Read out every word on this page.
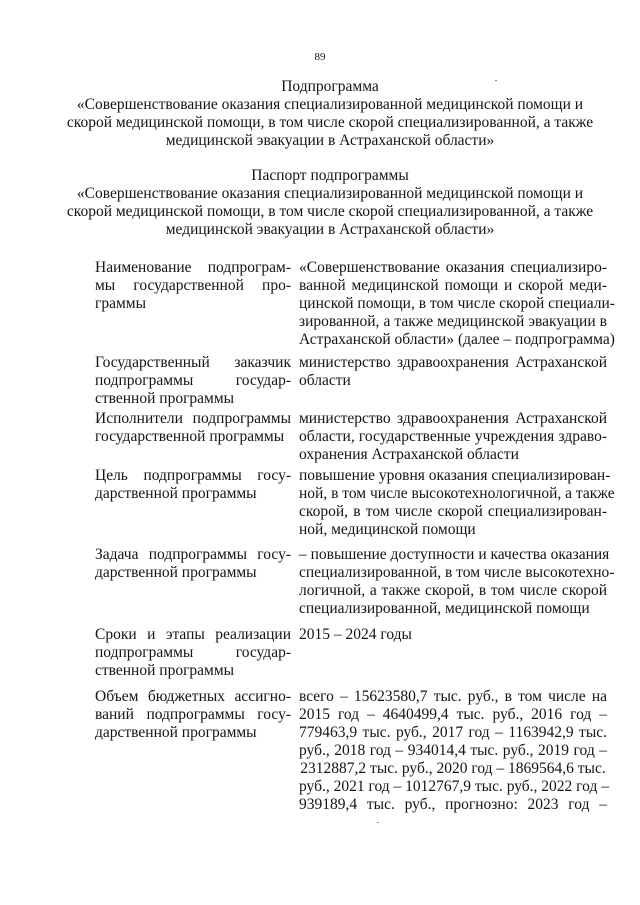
89
Подпрограмма
«Совершенствование оказания специализированной медицинской помощи и
скорой медицинской помощи, в том числе скорой специализированной, а также
медицинской эвакуации в Астраханской области»
Паспорт подпрограммы
«Совершенствование оказания специализированной медицинской помощи и
скорой медицинской помощи, в том числе скорой специализированной, а также
медицинской эвакуации в Астраханской области»
Наименование подпрограм-
мы государственной про-
граммы
«Совершенствование оказания специализиро-
ванной медицинской помощи и скорой меди-
цинской помощи, в том числе скорой специали-
зированной, а также медицинской эвакуации в
Астраханской области» (далее – подпрограмма)
Государственный заказчик
подпрограммы государ-
ственной программы
министерство здравоохранения Астраханской
области
Исполнители подпрограммы
государственной программы
министерство здравоохранения Астраханской
области, государственные учреждения здраво-
охранения Астраханской области
Цель подпрограммы госу-
дарственной программы
повышение уровня оказания специализирован-
ной, в том числе высокотехнологичной, а также
скорой, в том числе скорой специализирован-
ной, медицинской помощи
Задача подпрограммы госу-
дарственной программы
– повышение доступности и качества оказания
специализированной, в том числе высокотехно-
логичной, а также скорой, в том числе скорой
специализированной, медицинской помощи
Сроки и этапы реализации
подпрограммы государ-
ственной программы
2015 – 2024 годы
Объем бюджетных ассигно-
ваний подпрограммы госу-
дарственной программы
всего – 15623580,7 тыс. руб., в том числе на
2015 год – 4640499,4 тыс. руб., 2016 год –
779463,9 тыс. руб., 2017 год – 1163942,9 тыс.
руб., 2018 год – 934014,4 тыс. руб., 2019 год –
2312887,2 тыс. руб., 2020 год – 1869564,6 тыс.
руб., 2021 год – 1012767,9 тыс. руб., 2022 год –
939189,4 тыс. руб., прогнозно: 2023 год –
